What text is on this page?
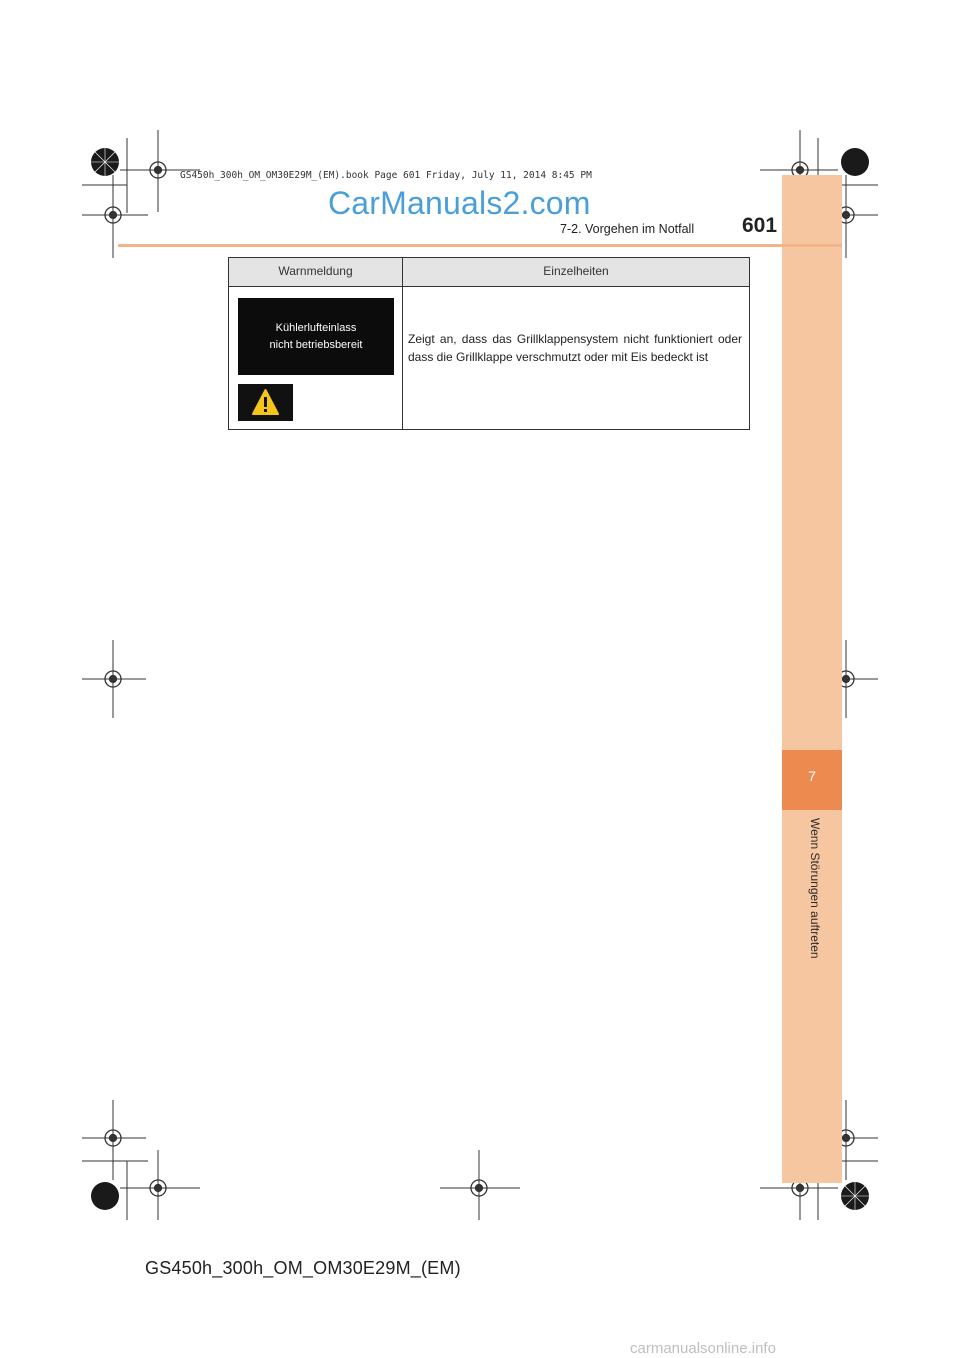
7
Wenn Störungen auftreten
GS450h_300h_OM_OM30E29M_(EM).book Page 601 Friday, July 11, 2014 8:45 PM
CarManuals2.com
7-2. Vorgehen im Notfall 601
Warnmeldung	Einzelheiten
Kühlerlufteinlass
nicht betriebsbereit	Zeigt an, dass das Grillklappensystem nicht funktioniert oder dass die Grillklappe verschmutzt oder mit Eis bedeckt ist
GS450h_300h_OM_OM30E29M_(EM)
carmanualsonline.info
